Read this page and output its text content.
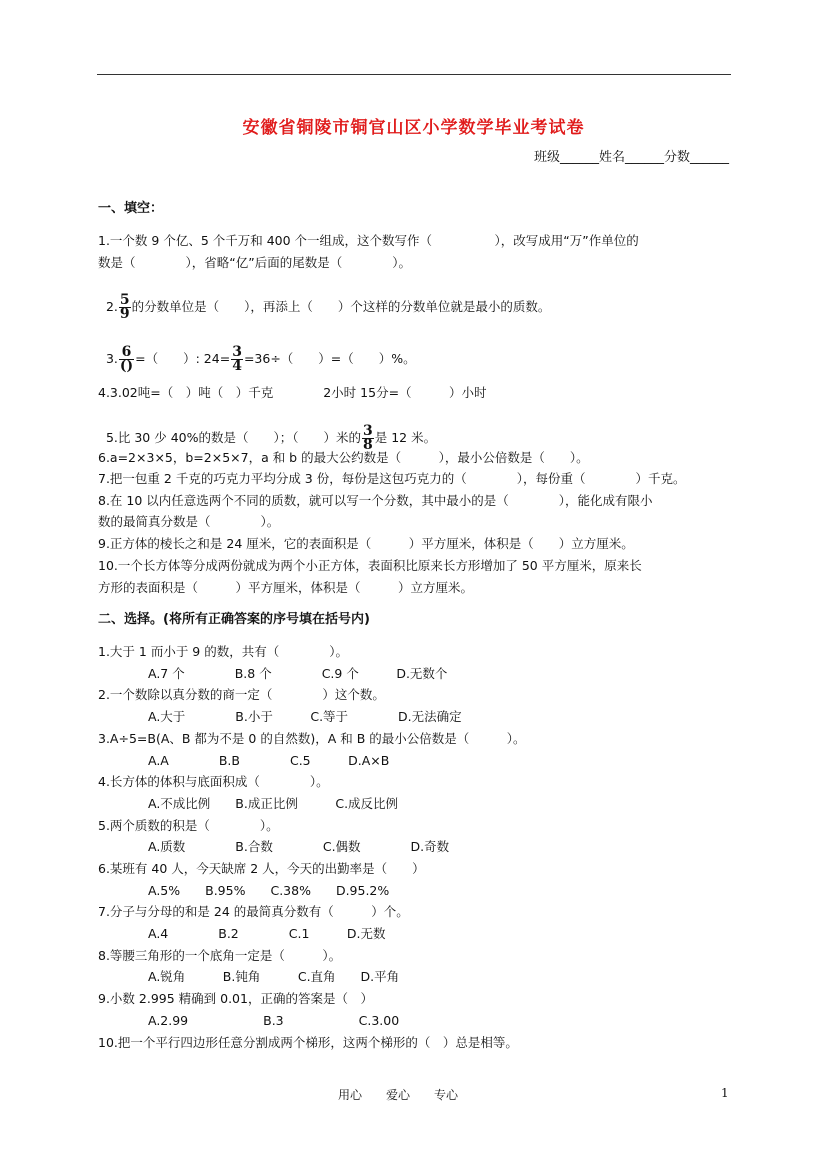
安徽省铜陵市铜官山区小学数学毕业考试卷
班级______姓名______分数______
一、填空：
1.一个数 9 个亿、5 个千万和 400 个一组成，这个数写作（　　　　　），改写成用“万”作单位的
数是（　　　　），省略“亿”后面的尾数是（　　　　）。

2. $\frac{5}{9}$ 的分数单位是（　　），再添上（　　）个这样的分数单位就是最小的质数。

3. $\frac{6}{()}$ =（　　）: $24= \frac{3}{4} =36\div$（　　）=（　　）%。

4.3.02吨=（　）吨（　）千克　　　　2小时 15分=（　　　）小时

5.比 30 少 40%的数是（　　）；（　　）米的 $\frac{3}{8}$ 是 12 米。

6.a=2×3×5，b=2×5×7，a 和 b 的最大公约数是（　　　），最小公倍数是（　　）。
7.把一包重 2 千克的巧克力平均分成 3 份，每份是这包巧克力的（　　　　），每份重（　　　　）千克。
8.在 10 以内任意选两个不同的质数，就可以写一个分数，其中最小的是（　　　　），能化成有限小
数的最简真分数是（　　　　）。
9.正方体的棱长之和是 24 厘米，它的表面积是（　　　）平方厘米，体积是（　　）立方厘米。
10.一个长方体等分成两份就成为两个小正方体，表面积比原来长方形增加了 50 平方厘米，原来长
方形的表面积是（　　　）平方厘米，体积是（　　　）立方厘米。
二、选择。(将所有正确答案的序号填在括号内)
1.大于 1 而小于 9 的数，共有（　　　　）。
A.7 个　　　　B.8 个　　　　C.9 个　　　D.无数个
2.一个数除以真分数的商一定（　　　　）这个数。
A.大于　　　　B.小于　　　C.等于　　　　D.无法确定
3.A÷5=B(A、B 都为不是 0 的自然数)，A 和 B 的最小公倍数是（　　　）。
A.A　　　　B.B　　　　C.5　　　D.A×B
4.长方体的体积与底面积成（　　　　）。
A.不成比例　　B.成正比例　　　C.成反比例
5.两个质数的积是（　　　　）。
A.质数　　　　B.合数　　　　C.偶数　　　　D.奇数
6.某班有 40 人，今天缺席 2 人，今天的出勤率是（　　）
A.5%　　B.95%　　C.38%　　D.95.2%
7.分子与分母的和是 24 的最简真分数有（　　　）个。
A.4　　　　B.2　　　　C.1　　　D.无数
8.等腰三角形的一个底角一定是（　　　）。
A.锐角　　　B.钝角　　　C.直角　　D.平角
9.小数 2.995 精确到 0.01，正确的答案是（　）
A.2.99　　　　　　B.3　　　　　　C.3.00
10.把一个平行四边形任意分割成两个梯形，这两个梯形的（　）总是相等。
用心　　爱心　　专心	1
